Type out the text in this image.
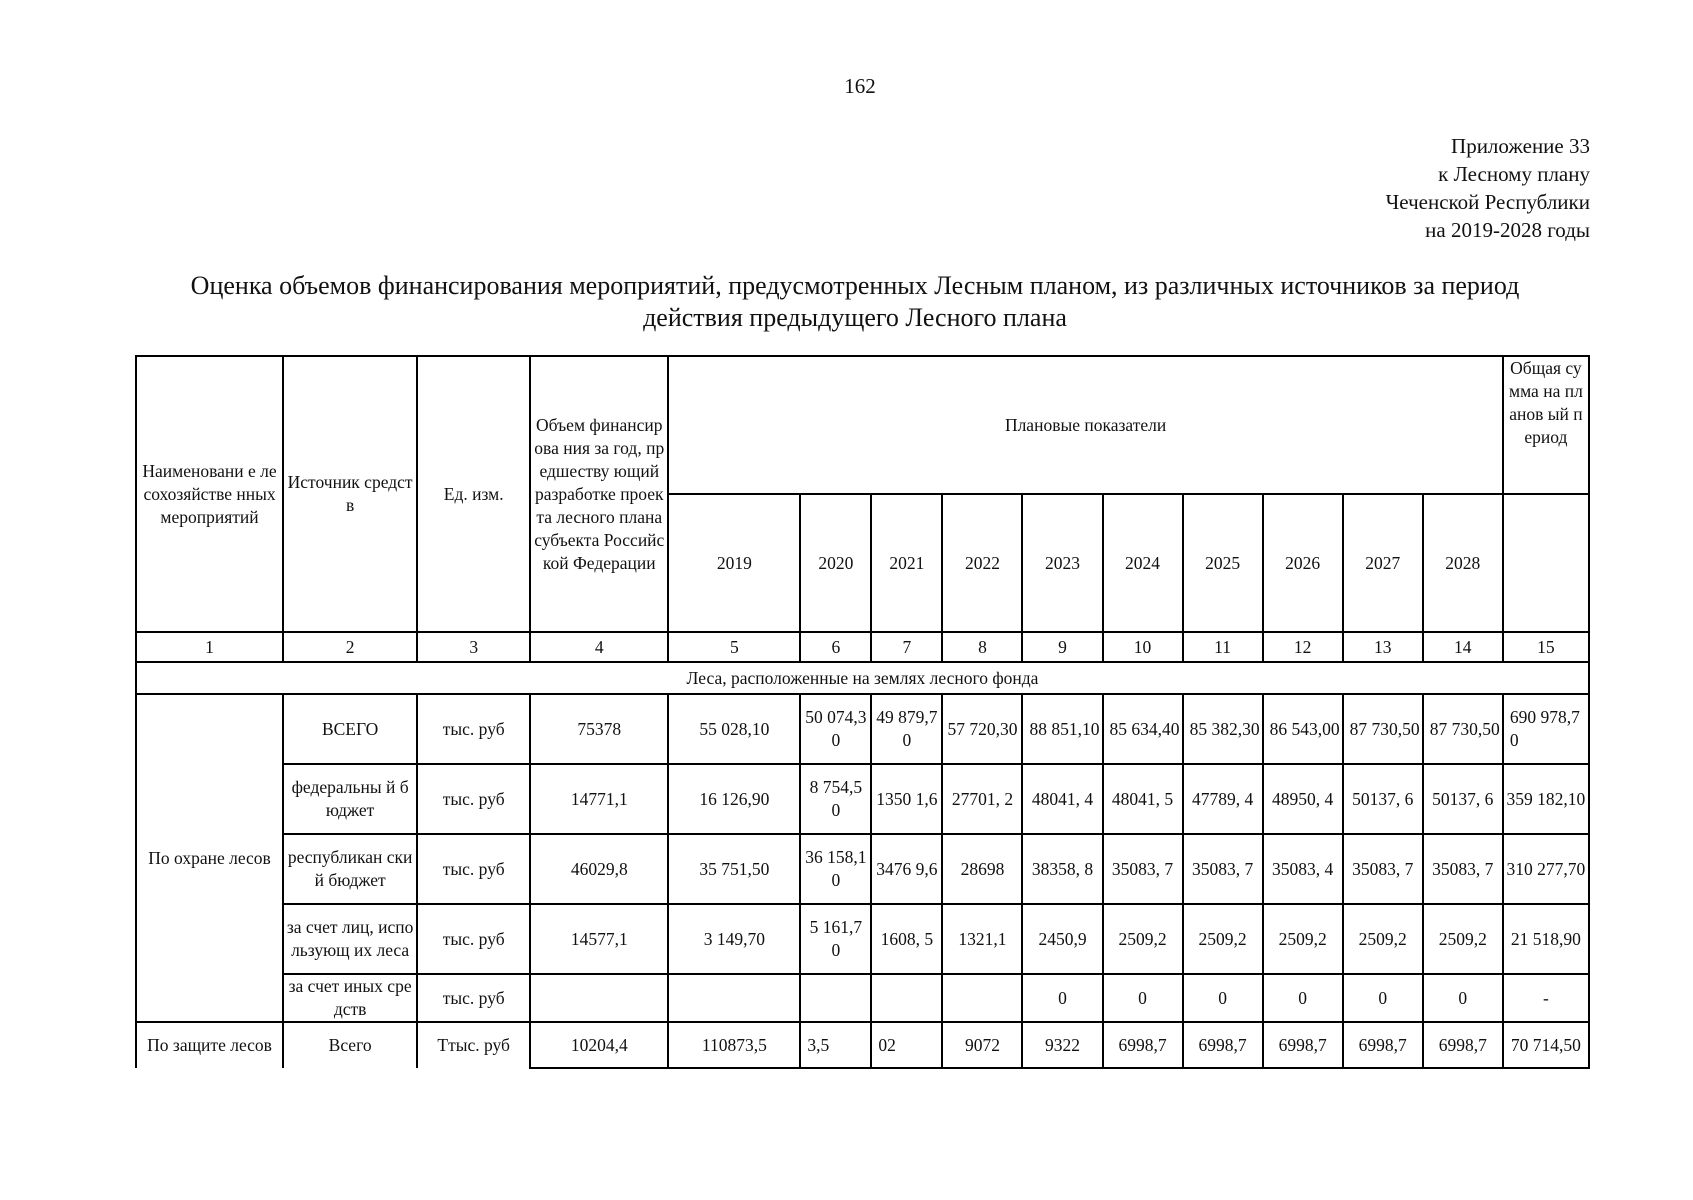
162
Приложение 33
к Лесному плану
Чеченской Республики
на 2019-2028 годы
Оценка объемов финансирования мероприятий, предусмотренных Лесным планом, из различных источников за период
действия предыдущего Лесного плана
Наименовани е лесохозяйстве нных мероприятий	Источник средств	Ед. изм.	Объем финансирова ния за год, предшеству ющий разработке проекта лесного плана субъекта Российской Федерации	Плановые показатели										Общая сумма на планов ый период
				2019	2020	2021	2022	2023	2024	2025	2026	2027	2028	
1	2	3	4	5	6	7	8	9	10	11	12	13	14	15
Леса, расположенные на землях лесного фонда														
По охране лесов	ВСЕГО	тыс. руб	75378	55 028,10	50 074,3 0	49 879,7 0	57 720,30	88 851,10	85 634,40	85 382,30	86 543,00	87 730,50	87 730,50	690 978,70
	федеральны й бюджет	тыс. руб	14771,1	16 126,90	8 754,5 0	1350 1,6	27701, 2	48041, 4	48041, 5	47789, 4	48950, 4	50137, 6	50137, 6	359 182,10
	республикан ский бюджет	тыс. руб	46029,8	35 751,50	36 158,1 0	3476 9,6	28698	38358, 8	35083, 7	35083, 7	35083, 4	35083, 7	35083, 7	310 277,70
	за счет лиц, использующ их леса	тыс. руб	14577,1	3 149,70	5 161,7 0	1608, 5	1321,1	2450,9	2509,2	2509,2	2509,2	2509,2	2509,2	21 518,90
	за счет иных средств	тыс. руб						0	0	0	0	0	0	-
По защите лесов	Всего	Ттыс. руб	10204,4	110873,5	3,5	02	9072	9322	6998,7	6998,7	6998,7	6998,7	6998,7	70 714,50
